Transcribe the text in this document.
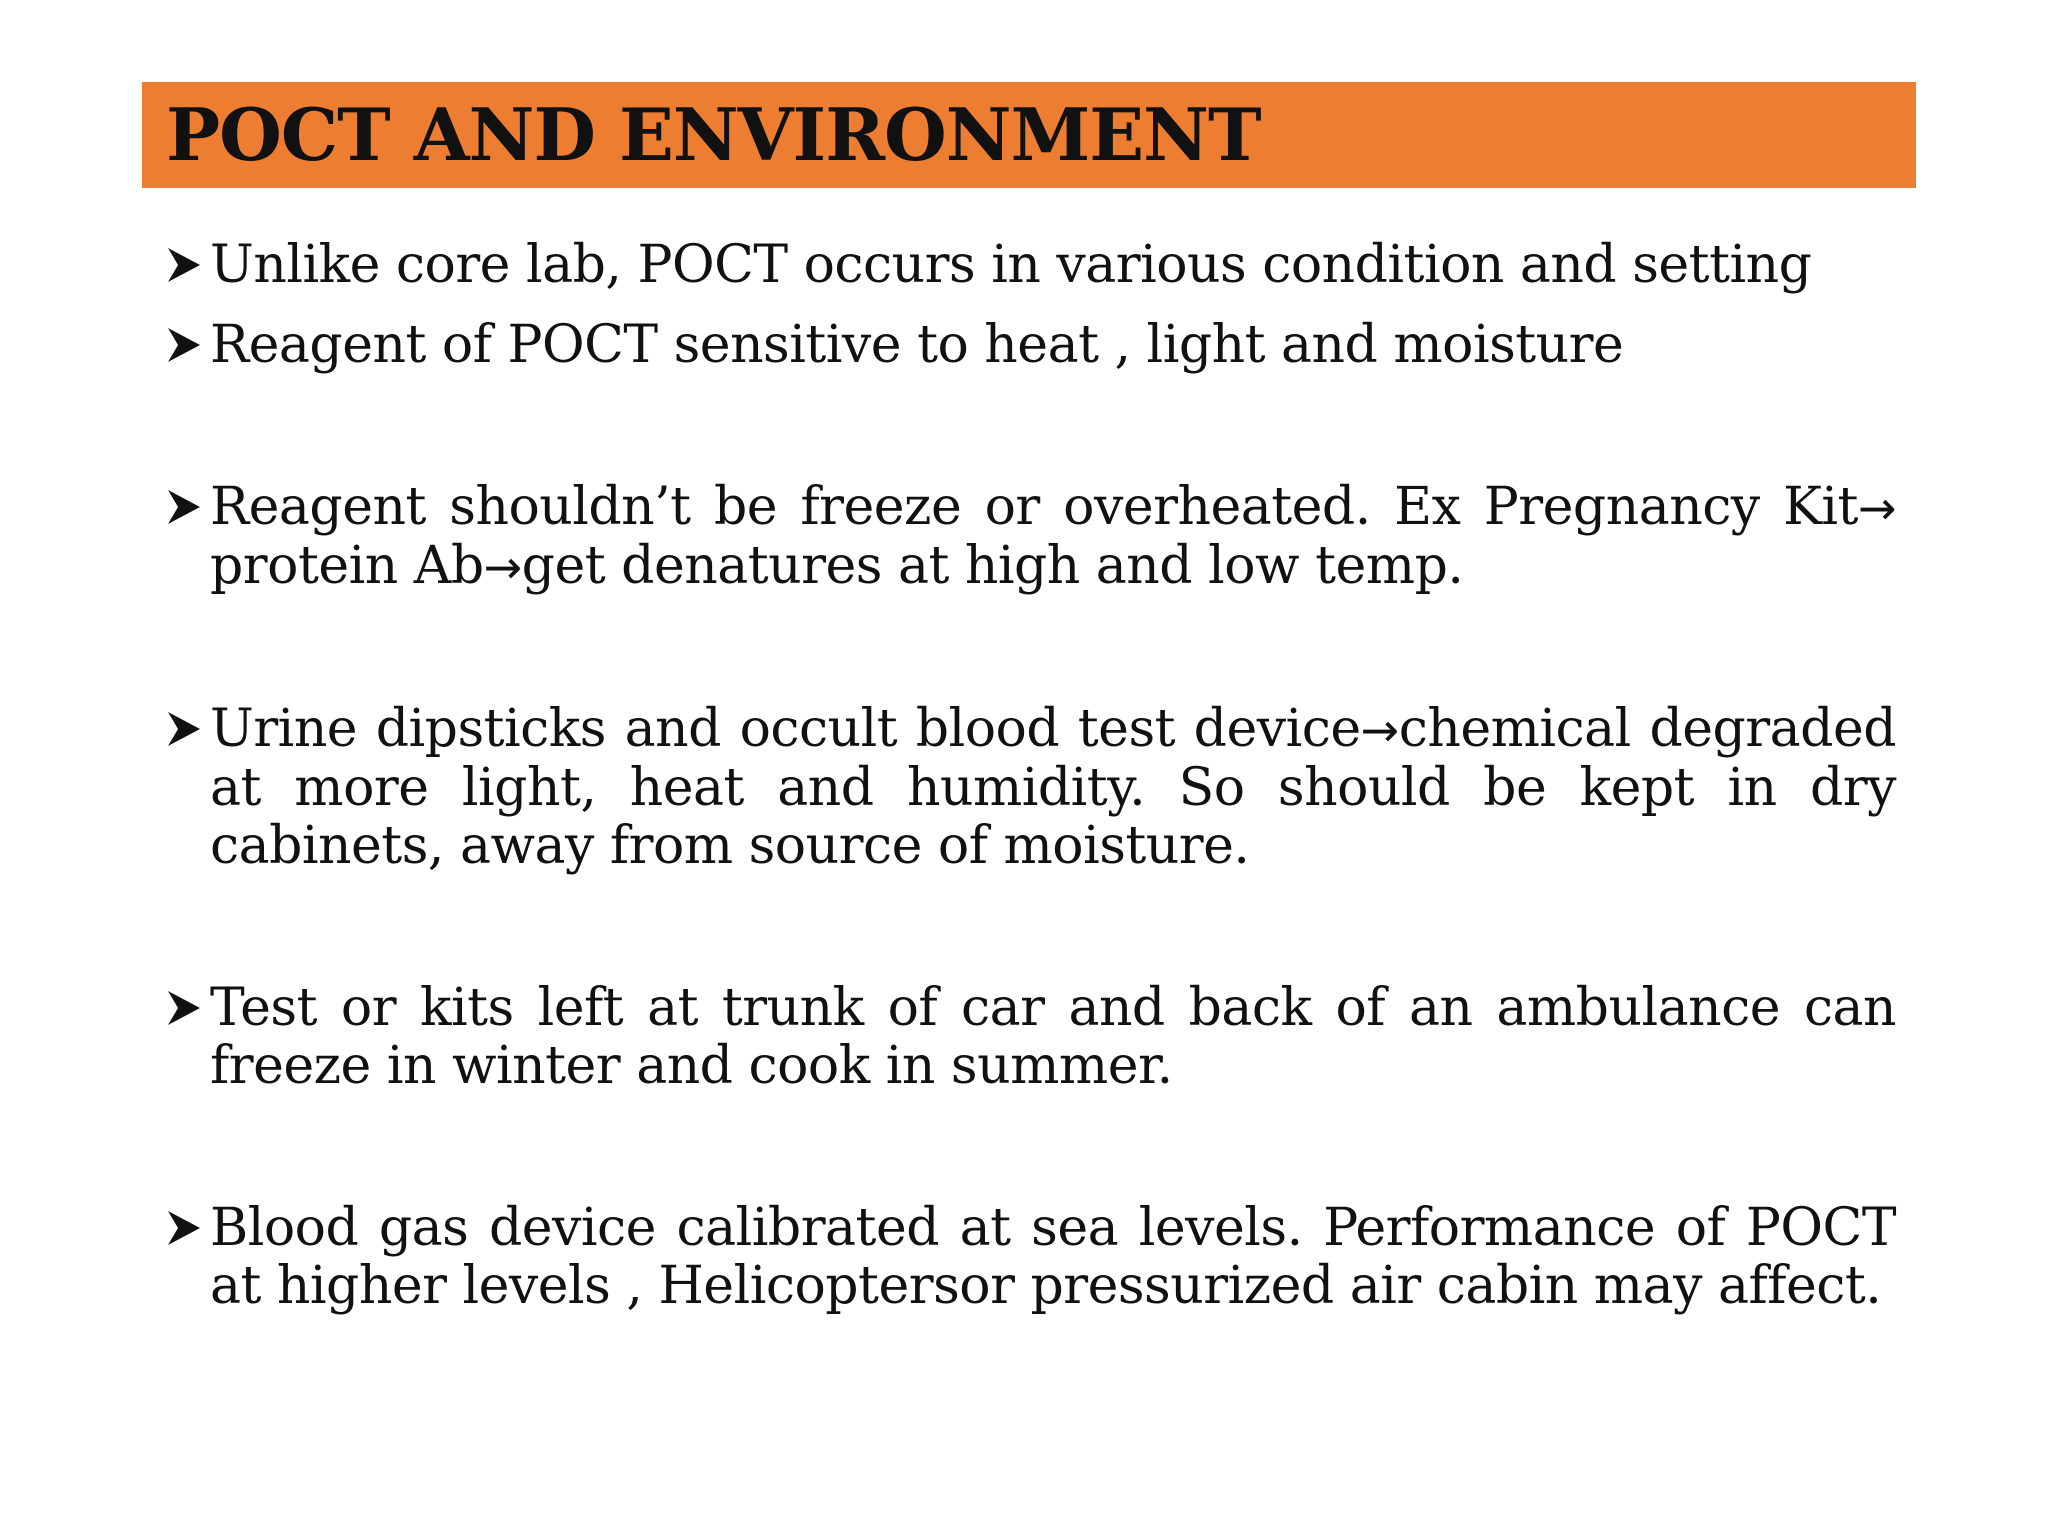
POCT AND ENVIRONMENT
Unlike core lab, POCT occurs in various condition and setting
Reagent of POCT sensitive to heat , light and moisture
Reagent shouldn’t be freeze or overheated. Ex Pregnancy Kit→ protein Ab→get denatures at high and low temp.
Urine dipsticks and occult blood test device→chemical degraded at more light, heat and humidity. So should be kept in dry cabinets, away from source of moisture.
Test or kits left at trunk of car and back of an ambulance can freeze in winter and cook in summer.
Blood gas device calibrated at sea levels. Performance of POCT at higher levels , Helicoptersor pressurized air cabin may affect.
